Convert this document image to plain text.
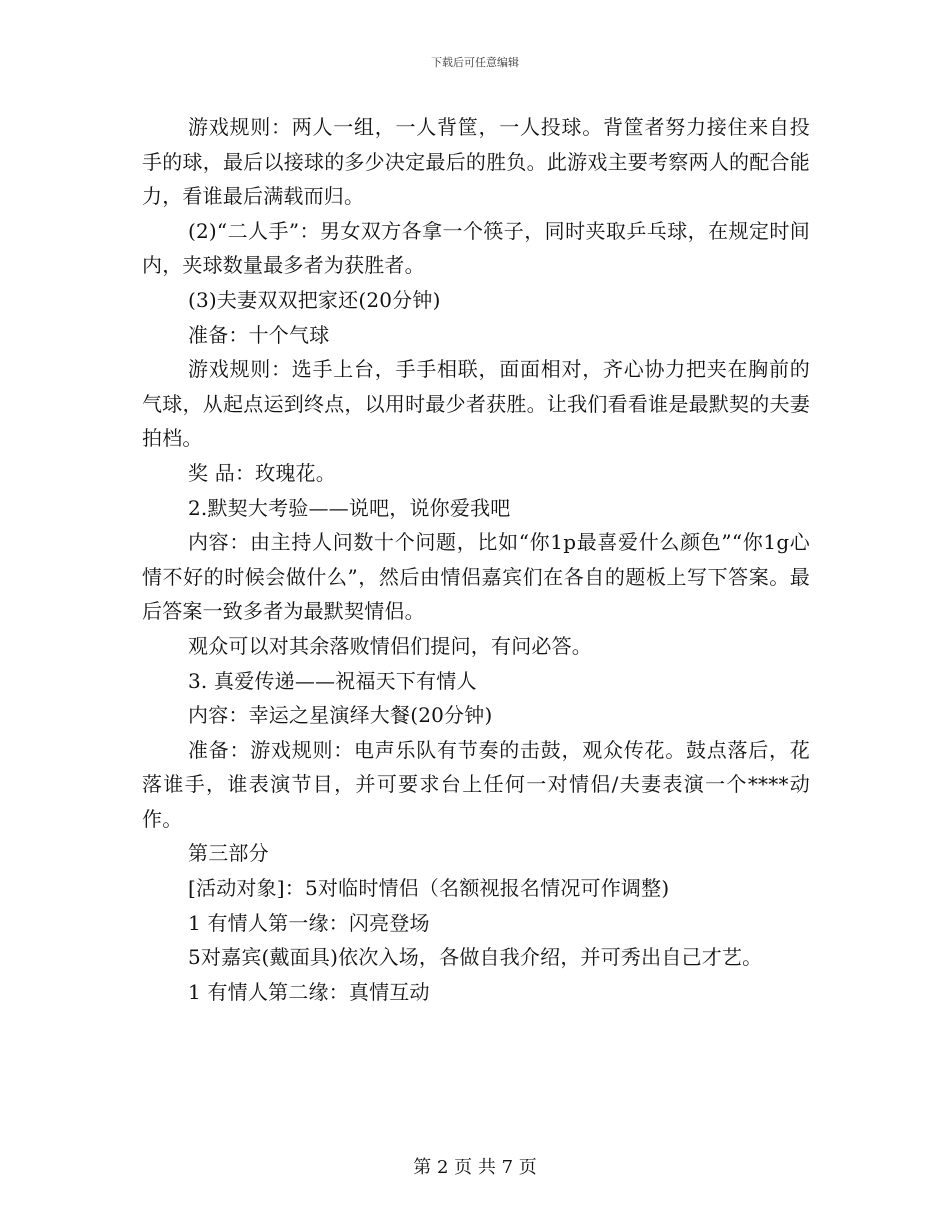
下载后可任意编辑

游戏规则：两人一组，一人背筐，一人投球。背筐者努力接住来自投手的球，最后以接球的多少决定最后的胜负。此游戏主要考察两人的配合能力，看谁最后满载而归。

(2)“二人手”：男女双方各拿一个筷子，同时夹取乒乓球，在规定时间内，夹球数量最多者为获胜者。

(3)夫妻双双把家还(20分钟)

准备：十个气球

游戏规则：选手上台，手手相联，面面相对，齐心协力把夹在胸前的气球，从起点运到终点，以用时最少者获胜。让我们看看谁是最默契的夫妻拍档。

奖 品：玫瑰花。

2.默契大考验——说吧，说你爱我吧

内容：由主持人问数十个问题，比如“你1p最喜爱什么颜色”“你1g心情不好的时候会做什么”，然后由情侣嘉宾们在各自的题板上写下答案。最后答案一致多者为最默契情侣。

观众可以对其余落败情侣们提问，有问必答。

3. 真爱传递——祝福天下有情人

内容：幸运之星演绎大餐(20分钟)

准备：游戏规则：电声乐队有节奏的击鼓，观众传花。鼓点落后，花落谁手，谁表演节目，并可要求台上任何一对情侣/夫妻表演一个****动作。

第三部分

[活动对象]：5对临时情侣（名额视报名情况可作调整)

1 有情人第一缘：闪亮登场

5对嘉宾(戴面具)依次入场，各做自我介绍，并可秀出自己才艺。

1 有情人第二缘：真情互动

第 2 页 共 7 页
